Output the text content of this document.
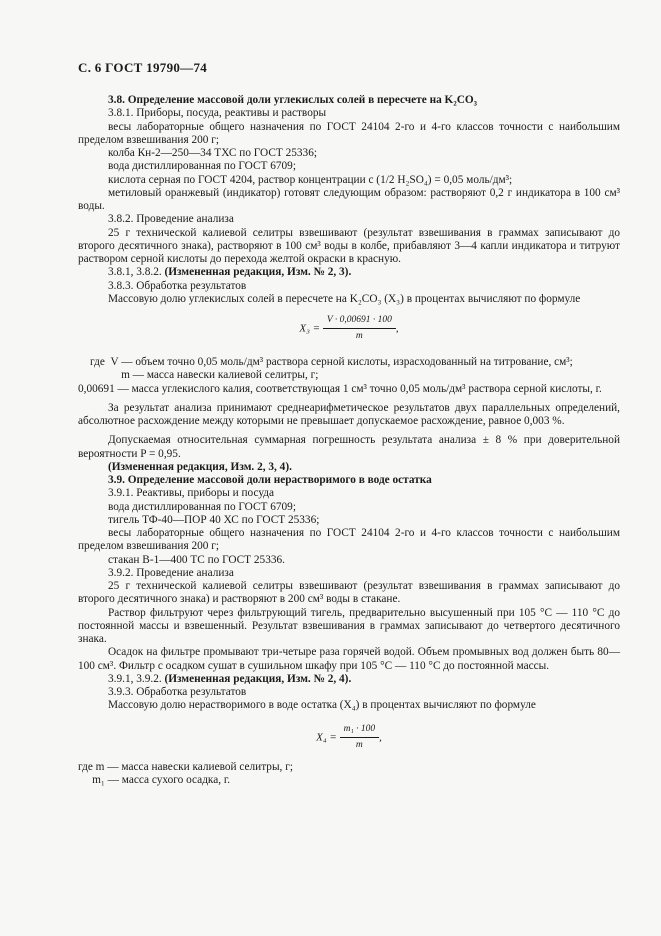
С. 6 ГОСТ 19790—74

3.8. Определение массовой доли углекислых солей в пересчете на K₂CO₃

3.8.1. Приборы, посуда, реактивы и растворы

весы лабораторные общего назначения по ГОСТ 24104 2-го и 4-го классов точности с наибольшим пределом взвешивания 200 г;

колба Кн-2—250—34 ТХС по ГОСТ 25336;

вода дистиллированная по ГОСТ 6709;

кислота серная по ГОСТ 4204, раствор концентрации c (1/2 H₂SO₄) = 0,05 моль/дм³;

метиловый оранжевый (индикатор) готовят следующим образом: растворяют 0,2 г индикатора в 100 см³ воды.

3.8.2. Проведение анализа

25 г технической калиевой селитры взвешивают (результат взвешивания в граммах записывают до второго десятичного знака), растворяют в 100 см³ воды в колбе, прибавляют 3—4 капли индикатора и титруют раствором серной кислоты до перехода желтой окраски в красную.

3.8.1, 3.8.2. (Измененная редакция, Изм. № 2, 3).

3.8.3. Обработка результатов

Массовую долю углекислых солей в пересчете на K₂CO₃ (X₃) в процентах вычисляют по формуле

$X_3 = \frac{V \cdot 0,00691 \cdot 100}{m}$ ,
где  V — объем точно 0,05 моль/дм³ раствора серной кислоты, израсходованный на титрование, см³;
m — масса навески калиевой селитры, г;
0,00691 — масса углекислого калия, соответствующая 1 см³ точно 0,05 моль/дм³ раствора серной кислоты, г.

За результат анализа принимают среднеарифметическое результатов двух параллельных определений, абсолютное расхождение между которыми не превышает допускаемое расхождение, равное 0,003 %.

Допускаемая относительная суммарная погрешность результата анализа ± 8 % при доверительной вероятности P = 0,95.

(Измененная редакция, Изм. 2, 3, 4).

3.9. Определение массовой доли нерастворимого в воде остатка

3.9.1. Реактивы, приборы и посуда

вода дистиллированная по ГОСТ 6709;

тигель ТФ-40—ПОР 40 ХС по ГОСТ 25336;

весы лабораторные общего назначения по ГОСТ 24104 2-го и 4-го классов точности с наибольшим пределом взвешивания 200 г;

стакан В-1—400 ТС по ГОСТ 25336.

3.9.2. Проведение анализа

25 г технической калиевой селитры взвешивают (результат взвешивания в граммах записывают до второго десятичного знака) и растворяют в 200 см³ воды в стакане.

Раствор фильтруют через фильтрующий тигель, предварительно высушенный при 105 °C — 110 °C до постоянной массы и взвешенный. Результат взвешивания в граммах записывают до четвертого десятичного знака.

Осадок на фильтре промывают три-четыре раза горячей водой. Объем промывных вод должен быть 80—100 см³. Фильтр с осадком сушат в сушильном шкафу при 105 °C — 110 °C до постоянной массы.

3.9.1, 3.9.2. (Измененная редакция, Изм. № 2, 4).

3.9.3. Обработка результатов

Массовую долю нерастворимого в воде остатка (X₄) в процентах вычисляют по формуле

$X_4 = \frac{\text{m₁ · 100}}{m}$ ,
где m — масса навески калиевой селитры, г;
m₁ — масса сухого осадка, г.
